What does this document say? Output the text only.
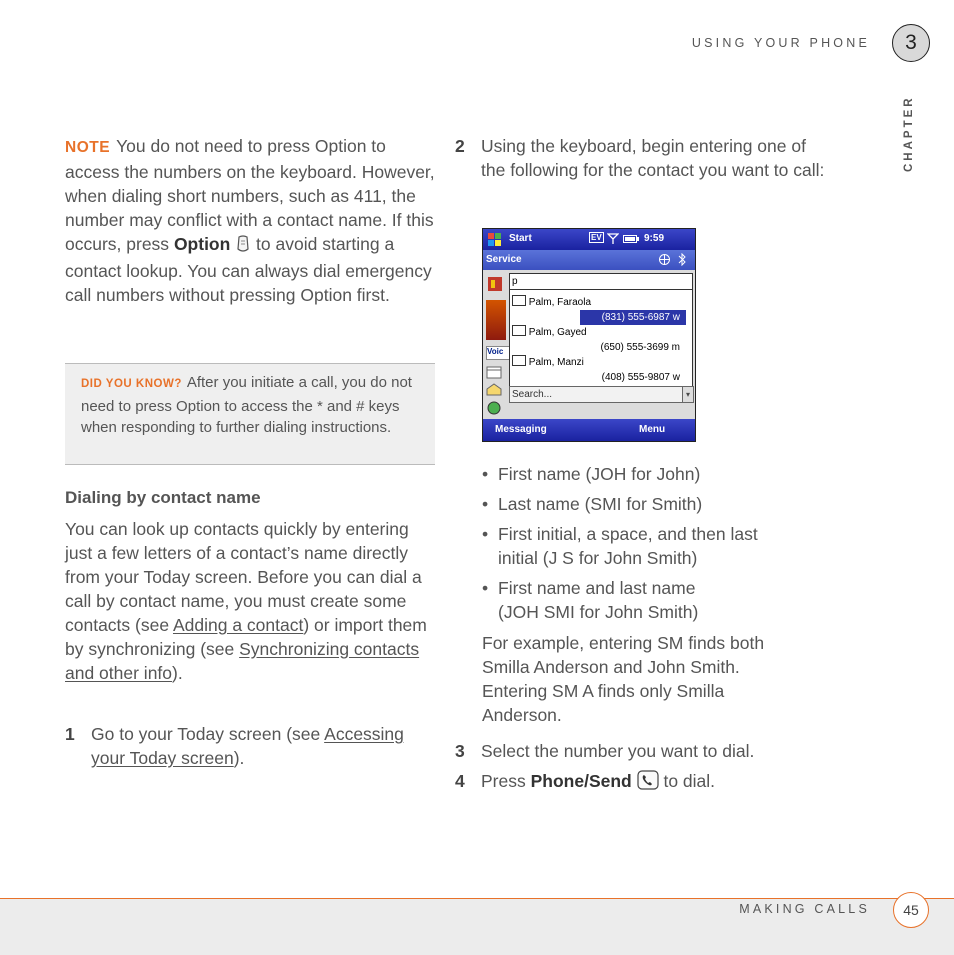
USING YOUR PHONE	3
CHAPTER

NOTE You do not need to press Option to access the numbers on the keyboard. However, when dialing short numbers, such as 411, the number may conflict with a contact name. If this occurs, press Option  to avoid starting a contact lookup. You can always dial emergency call numbers without pressing Option first.

DID YOU KNOW? After you initiate a call, you do not need to press Option to access the * and # keys when responding to further dialing instructions.
Dialing by contact name

You can look up contacts quickly by entering just a few letters of a contact’s name directly from your Today screen. Before you can dial a call by contact name, you must create some contacts (see Adding a contact) or import them by synchronizing (see Synchronizing contacts and other info).

1 Go to your Today screen (see Accessing your Today screen).

2 Using the keyboard, begin entering one of the following for the contact you want to call:

Start	EV	9:59
Service
Voic
p
Palm, Faraola
(831) 555-6987 w
Palm, Gayed
(650) 555-3699 m
Palm, Manzi
(408) 555-9807 w
Search...	▾
Messaging	Menu
• First name (JOH for John)
• Last name (SMI for Smith)
• First initial, a space, and then last initial (J S for John Smith)
• First name and last name (JOH SMI for John Smith)

For example, entering SM finds both Smilla Anderson and John Smith. Entering SM A finds only Smilla Anderson.

3 Select the number you want to dial.

4 Press Phone/Send  to dial.

MAKING CALLS	45
